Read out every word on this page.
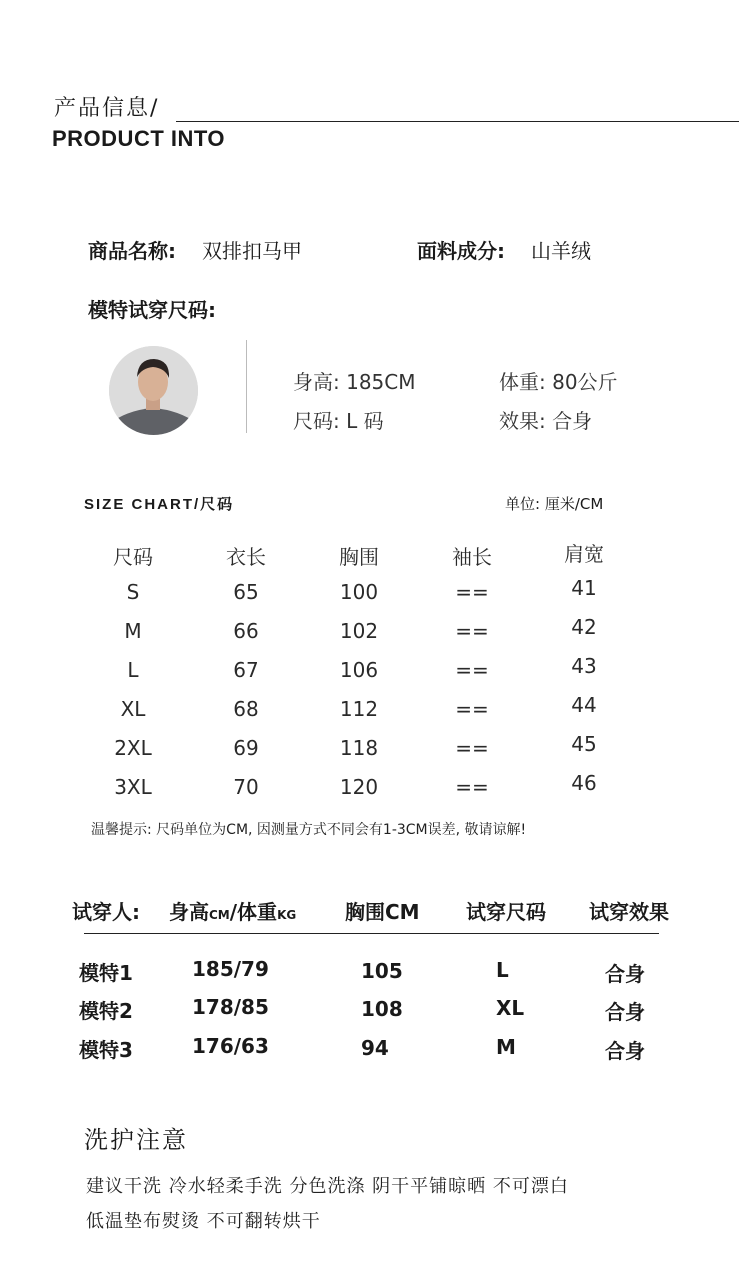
产品信息/
PRODUCT INTO
商品名称: 双排扣马甲	面料成分: 山羊绒
模特试穿尺码:
身高: 185CM	体重: 80公斤
尺码: L 码	效果: 合身
SIZE CHART/尺码	单位: 厘米/CM
尺码	衣长	胸围	袖长	肩宽
S	65	100	==	41
M	66	102	==	42
L	67	106	==	43
XL	68	112	==	44
2XL	69	118	==	45
3XL	70	120	==	46
温馨提示: 尺码单位为CM, 因测量方式不同会有1-3CM误差, 敬请谅解!
试穿人: 身高CM/体重KG 胸围CM 试穿尺码 试穿效果
模特1	185/79	105	L	合身
模特2	178/85	108	XL	合身
模特3	176/63	94	M	合身
洗护注意
建议干洗 冷水轻柔手洗 分色洗涤 阴干平铺晾晒 不可漂白
低温垫布熨烫 不可翻转烘干
